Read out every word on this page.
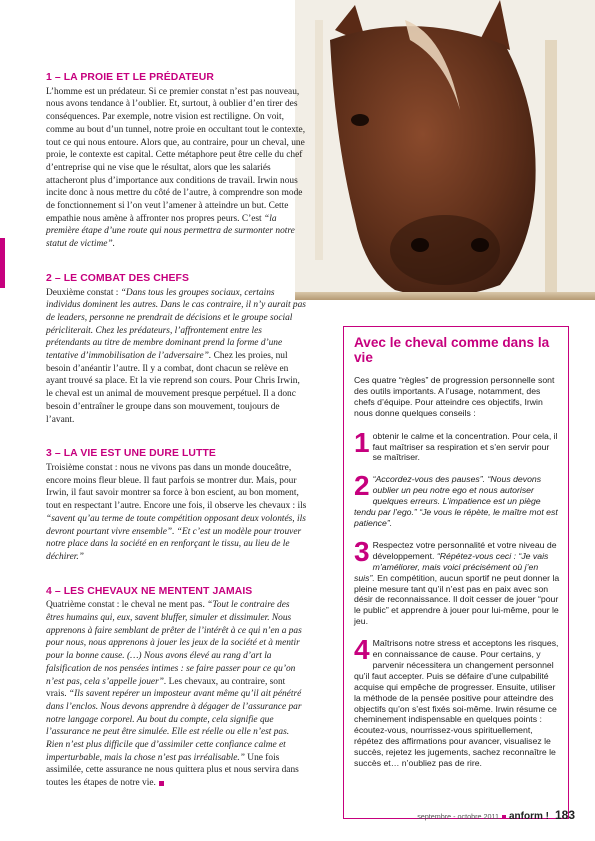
1 – LA PROIE ET LE PRÉDATEUR

L’homme est un prédateur. Si ce premier constat n’est pas nouveau, nous avons tendance à l’oublier. Et, surtout, à oublier d’en tirer des conséquences. Par exemple, notre vision est rectiligne. On voit, comme au bout d’un tunnel, notre proie en occultant tout le contexte, tout ce qui nous entoure. Alors que, au contraire, pour un cheval, une proie, le contexte est capital. Cette métaphore peut être celle du chef d’entreprise qui ne vise que le résultat, alors que les salariés attacheront plus d’importance aux conditions de travail. Irwin nous incite donc à nous mettre du côté de l’autre, à comprendre son mode de fonctionnement si l’on veut l’amener à atteindre un but. Cette empathie nous amène à affronter nos propres peurs. C’est “la première étape d’une route qui nous permettra de surmonter notre statut de victime”.

2 – LE COMBAT DES CHEFS

Deuxième constat : “Dans tous les groupes sociaux, certains individus dominent les autres. Dans le cas contraire, il n’y aurait pas de leaders, personne ne prendrait de décisions et le groupe social péricliterait. Chez les prédateurs, l’affrontement entre les prétendants au titre de membre dominant prend la forme d’une tentative d’immobilisation de l’adversaire”. Chez les proies, nul besoin d’anéantir l’autre. Il y a combat, dont chacun se relève en ayant trouvé sa place. Et la vie reprend son cours. Pour Chris Irwin, le cheval est un animal de mouvement presque perpétuel. Il a donc besoin d’entraîner le groupe dans son mouvement, toujours de l’avant.

3 – LA VIE EST UNE DURE LUTTE

Troisième constat : nous ne vivons pas dans un monde douceâtre, encore moins fleur bleue. Il faut parfois se montrer dur. Mais, pour Irwin, il faut savoir montrer sa force à bon escient, au bon moment, tout en respectant l’autre. Encore une fois, il observe les chevaux : ils “savent qu’au terme de toute compétition opposant deux volontés, ils devront pourtant vivre ensemble”. “Et c’est un modèle pour trouver notre place dans la société en en renforçant le tissu, au lieu de le déchirer.”

4 – LES CHEVAUX NE MENTENT JAMAIS

Quatrième constat : le cheval ne ment pas. “Tout le contraire des êtres humains qui, eux, savent bluffer, simuler et dissimuler. Nous apprenons à faire semblant de prêter de l’intérêt à ce qui n’en a pas pour nous, nous apprenons à jouer les jeux de la société et à mentir pour la bonne cause. (…) Nous avons élevé au rang d’art la falsification de nos pensées intimes : se faire passer pour ce qu’on n’est pas, cela s’appelle jouer”. Les chevaux, au contraire, sont vrais. “Ils savent repérer un imposteur avant même qu’il ait pénétré dans l’enclos. Nous devons apprendre à dégager de l’assurance par notre langage corporel. Au bout du compte, cela signifie que l’assurance ne peut être simulée. Elle est réelle ou elle n’est pas. Rien n’est plus difficile que d’assimiler cette confiance calme et imperturbable, mais la chose n’est pas irréalisable.” Une fois assimilée, cette assurance ne nous quittera plus et nous servira dans toutes les étapes de notre vie.

Avec le cheval comme dans la vie

Ces quatre “règles” de progression personnelle sont des outils importants. A l’usage, notamment, des chefs d’équipe. Pour atteindre ces objectifs, Irwin nous donne quelques conseils :

1 obtenir le calme et la concentration. Pour cela, il faut maîtriser sa respiration et s’en servir pour se maîtriser.

2 “Accordez-vous des pauses”. “Nous devons oublier un peu notre ego et nous autoriser quelques erreurs. L’impatience est un piège tendu par l’ego.” “Je vous le répète, le maître mot est patience”.

3 Respectez votre personnalité et votre niveau de développement. “Répétez-vous ceci : “Je vais m’améliorer, mais voici précisément où j’en suis”. En compétition, aucun sportif ne peut donner la pleine mesure tant qu’il n’est pas en paix avec son désir de reconnaissance. Il doit cesser de jouer “pour le public” et apprendre à jouer pour lui-même, pour le jeu.

4 Maîtrisons notre stress et acceptons les risques, en connaissance de cause. Pour certains, y parvenir nécessitera un changement personnel qu’il faut accepter. Puis se défaire d’une culpabilité acquise qui empêche de progresser. Ensuite, utiliser la méthode de la pensée positive pour atteindre des objectifs qu’on s’est fixés soi-même. Irwin résume ce cheminement indispensable en quelques points : écoutez-vous, nourrissez-vous spirituellement, répétez des affirmations pour avancer, visualisez le succès, rejetez les jugements, sachez reconnaître le succès et… n’oubliez pas de rire.

septembre - octobre 2011 anform ! 183
